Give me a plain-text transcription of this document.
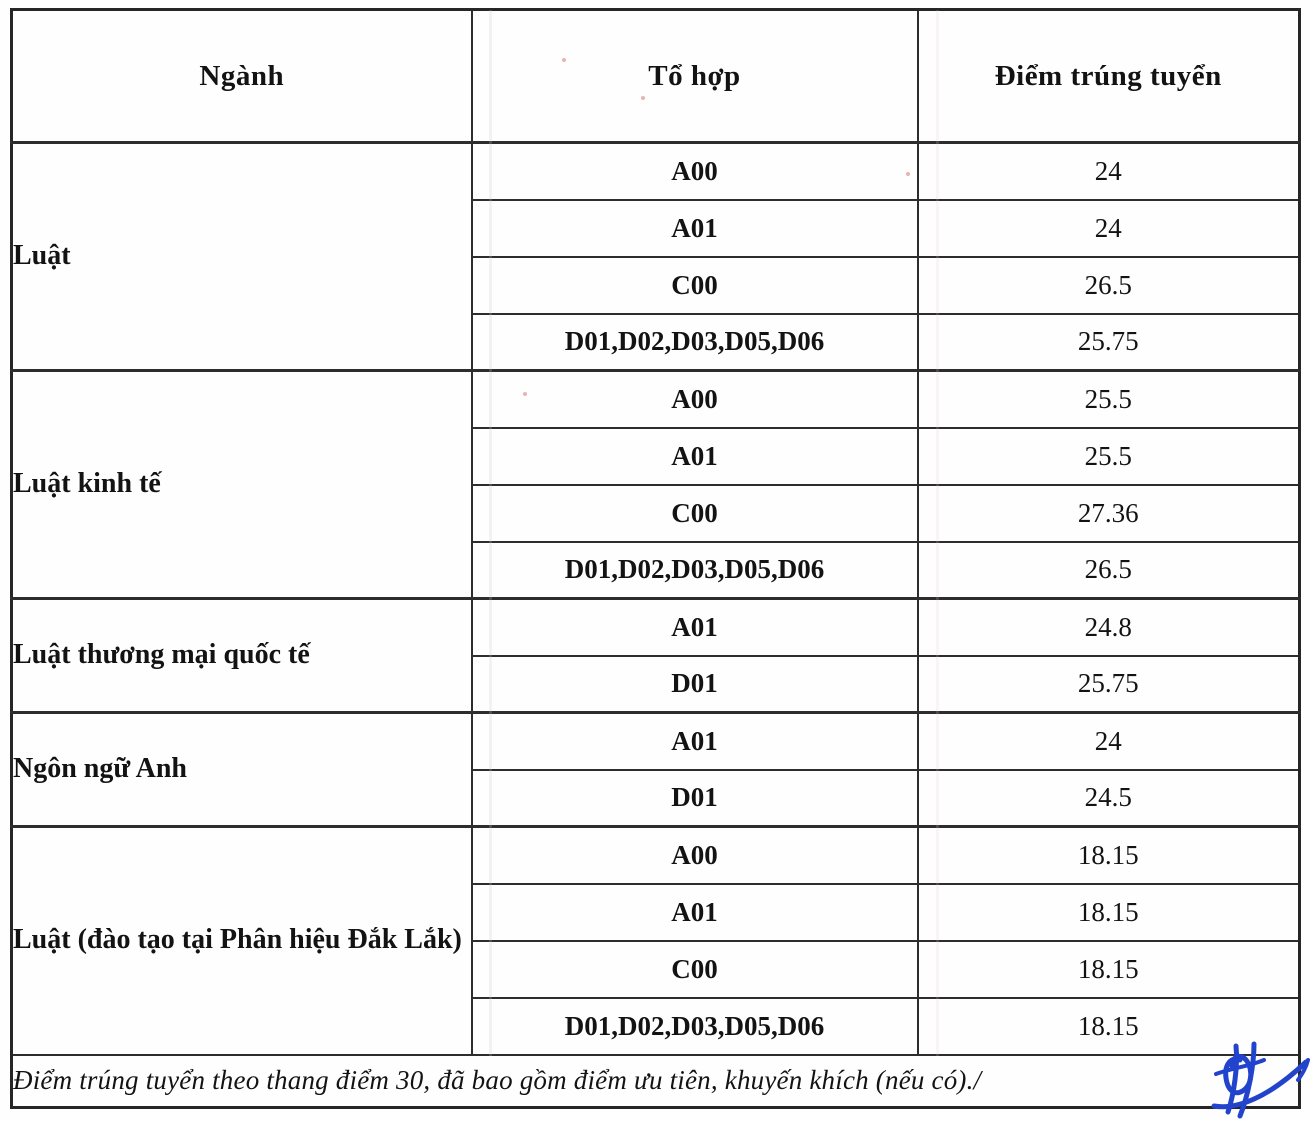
Ngành	Tổ hợp	Điểm trúng tuyển
Luật	A00	24
	A01	24
	C00	26.5
	D01,D02,D03,D05,D06	25.75
Luật kinh tế	A00	25.5
	A01	25.5
	C00	27.36
	D01,D02,D03,D05,D06	26.5
Luật thương mại quốc tế	A01	24.8
	D01	25.75
Ngôn ngữ Anh	A01	24
	D01	24.5
Luật (đào tạo tại Phân hiệu Đắk Lắk)	A00	18.15
	A01	18.15
	C00	18.15
	D01,D02,D03,D05,D06	18.15
Điểm trúng tuyển theo thang điểm 30, đã bao gồm điểm ưu tiên, khuyến khích (nếu có)./		
